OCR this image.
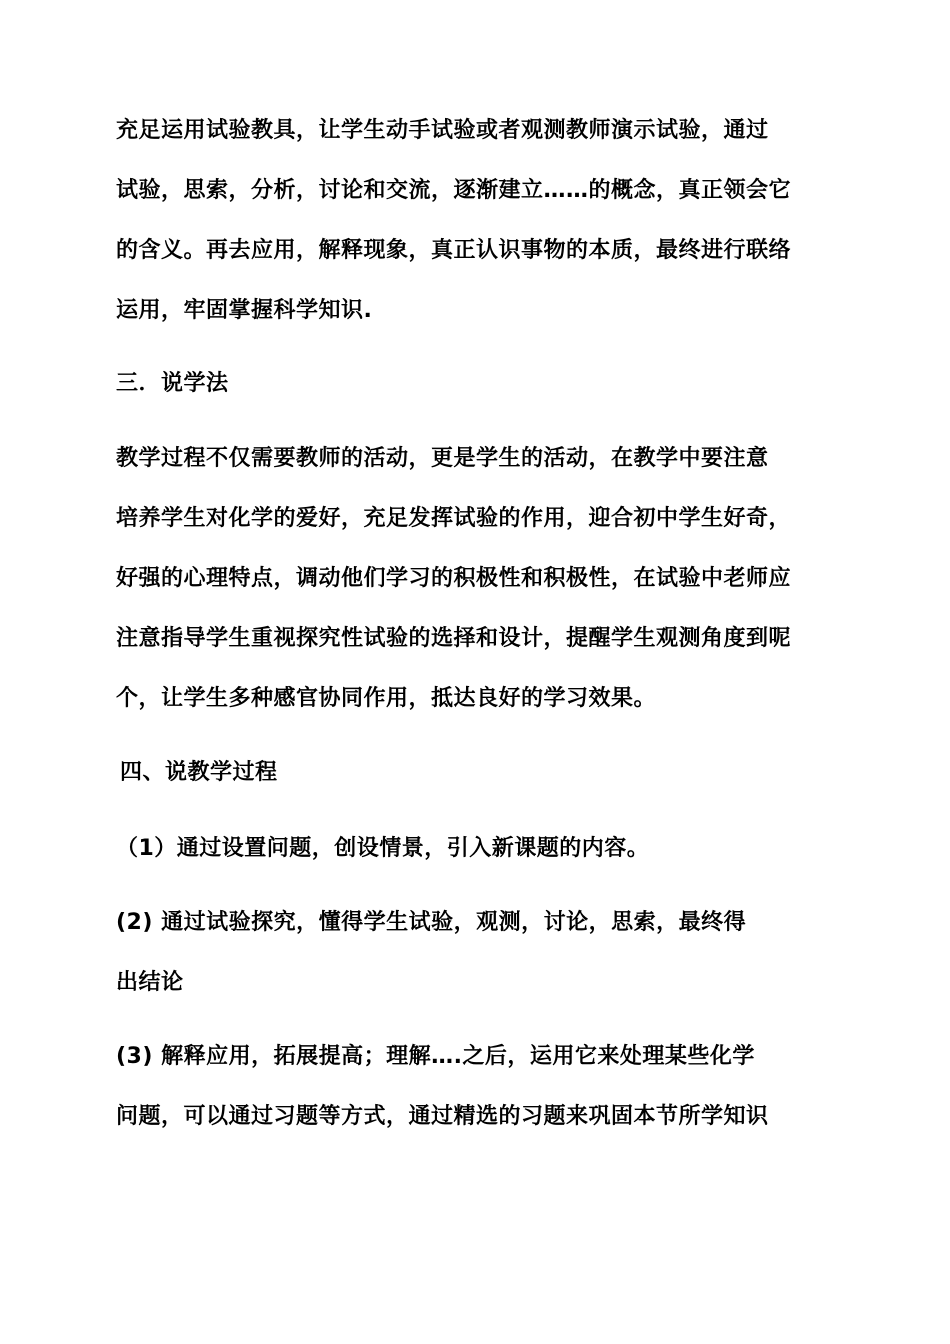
充足运用试验教具，让学生动手试验或者观测教师演示试验，通过
试验，思索，分析，讨论和交流，逐渐建立……的概念，真正领会它
的含义。再去应用，解释现象，真正认识事物的本质，最终进行联络
运用，牢固掌握科学知识.
三．说学法
教学过程不仅需要教师的活动，更是学生的活动，在教学中要注意
培养学生对化学的爱好，充足发挥试验的作用，迎合初中学生好奇，
好强的心理特点，调动他们学习的积极性和积极性，在试验中老师应
注意指导学生重视探究性试验的选择和设计，提醒学生观测角度到呢
个，让学生多种感官协同作用，抵达良好的学习效果。
四、说教学过程
（1）通过设置问题，创设情景，引入新课题的内容。
(2) 通过试验探究，懂得学生试验，观测，讨论，思索，最终得
出结论
(3) 解释应用，拓展提高；理解….之后，运用它来处理某些化学
问题，可以通过习题等方式，通过精选的习题来巩固本节所学知识
